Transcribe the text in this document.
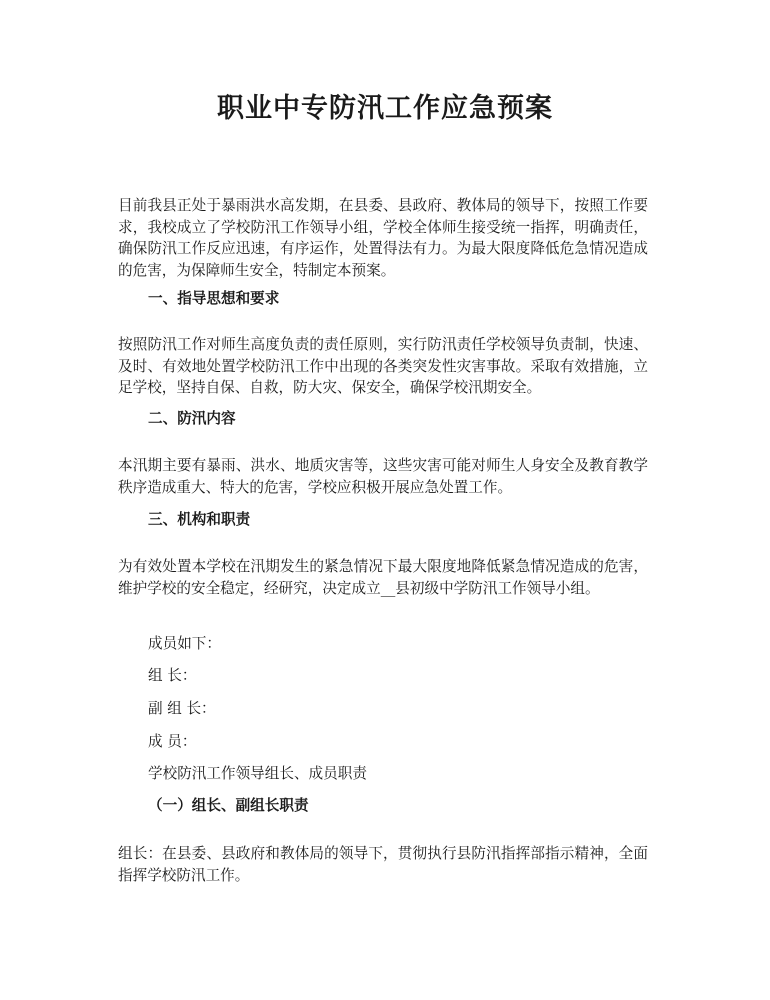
职业中专防汛工作应急预案

目前我县正处于暴雨洪水高发期，在县委、县政府、教体局的领导下，按照工作要求，我校成立了学校防汛工作领导小组，学校全体师生接受统一指挥，明确责任，确保防汛工作反应迅速，有序运作，处置得法有力。为最大限度降低危急情况造成的危害，为保障师生安全，特制定本预案。

一、指导思想和要求

按照防汛工作对师生高度负责的责任原则，实行防汛责任学校领导负责制，快速、及时、有效地处置学校防汛工作中出现的各类突发性灾害事故。采取有效措施，立足学校，坚持自保、自救，防大灾、保安全，确保学校汛期安全。

二、防汛内容

本汛期主要有暴雨、洪水、地质灾害等，这些灾害可能对师生人身安全及教育教学秩序造成重大、特大的危害，学校应积极开展应急处置工作。

三、机构和职责

为有效处置本学校在汛期发生的紧急情况下最大限度地降低紧急情况造成的危害，维护学校的安全稳定，经研究，决定成立__县初级中学防汛工作领导小组。

成员如下：

组 长：

副 组 长：

成 员：

学校防汛工作领导组长、成员职责

（一）组长、副组长职责

组长：在县委、县政府和教体局的领导下，贯彻执行县防汛指挥部指示精神，全面指挥学校防汛工作。
